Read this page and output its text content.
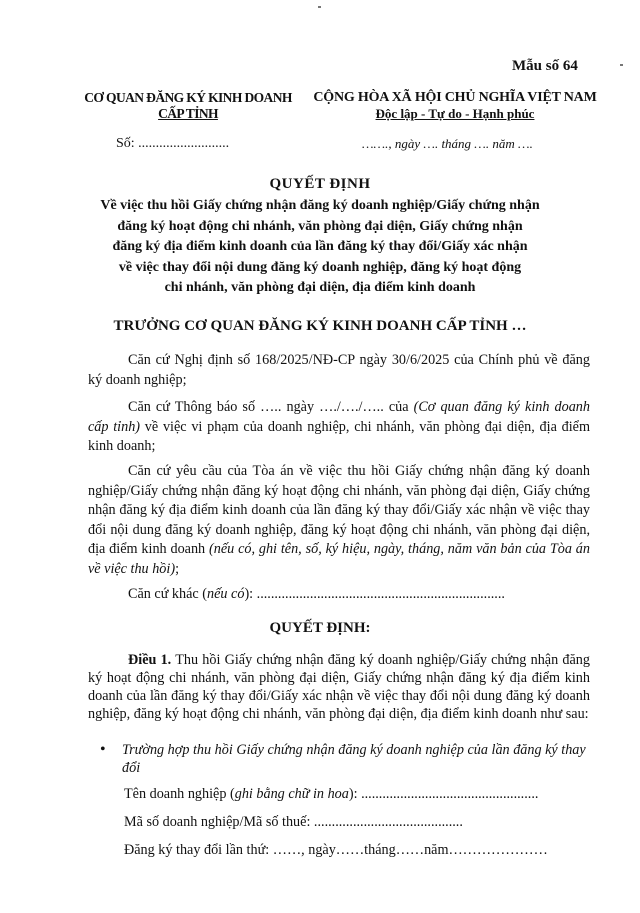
Mẫu số 64
CƠ QUAN ĐĂNG KÝ KINH DOANH
CẤP TỈNH
CỘNG HÒA XÃ HỘI CHỦ NGHĨA VIỆT NAM
Độc lập - Tự do - Hạnh phúc
Số: ..........................	……., ngày …. tháng …. năm ….
QUYẾT ĐỊNH
Về việc thu hồi Giấy chứng nhận đăng ký doanh nghiệp/Giấy chứng nhận
đăng ký hoạt động chi nhánh, văn phòng đại diện, Giấy chứng nhận
đăng ký địa điểm kinh doanh của lần đăng ký thay đổi/Giấy xác nhận
về việc thay đổi nội dung đăng ký doanh nghiệp, đăng ký hoạt động
chi nhánh, văn phòng đại diện, địa điểm kinh doanh
TRƯỞNG CƠ QUAN ĐĂNG KÝ KINH DOANH CẤP TỈNH …
Căn cứ Nghị định số 168/2025/NĐ-CP ngày 30/6/2025 của Chính phủ về đăng ký doanh nghiệp;
Căn cứ Thông báo số ….. ngày …./…./….. của (Cơ quan đăng ký kinh doanh cấp tỉnh) về việc vi phạm của doanh nghiệp, chi nhánh, văn phòng đại diện, địa điểm kinh doanh;
Căn cứ yêu cầu của Tòa án về việc thu hồi Giấy chứng nhận đăng ký doanh nghiệp/Giấy chứng nhận đăng ký hoạt động chi nhánh, văn phòng đại diện, Giấy chứng nhận đăng ký địa điểm kinh doanh của lần đăng ký thay đổi/Giấy xác nhận về việc thay đổi nội dung đăng ký doanh nghiệp, đăng ký hoạt động chi nhánh, văn phòng đại diện, địa điểm kinh doanh (nếu có, ghi tên, số, ký hiệu, ngày, tháng, năm văn bản của Tòa án về việc thu hồi);
Căn cứ khác (nếu có): ......................................................................
QUYẾT ĐỊNH:
Điều 1. Thu hồi Giấy chứng nhận đăng ký doanh nghiệp/Giấy chứng nhận đăng ký hoạt động chi nhánh, văn phòng đại diện, Giấy chứng nhận đăng ký địa điểm kinh doanh của lần đăng ký thay đổi/Giấy xác nhận về việc thay đổi nội dung đăng ký doanh nghiệp, đăng ký hoạt động chi nhánh, văn phòng đại diện, địa điểm kinh doanh như sau:
• Trường hợp thu hồi Giấy chứng nhận đăng ký doanh nghiệp của lần đăng ký thay đổi
Tên doanh nghiệp (ghi bằng chữ in hoa): ..................................................
Mã số doanh nghiệp/Mã số thuế: ..........................................
Đăng ký thay đổi lần thứ: ……, ngày……tháng……năm…………………
